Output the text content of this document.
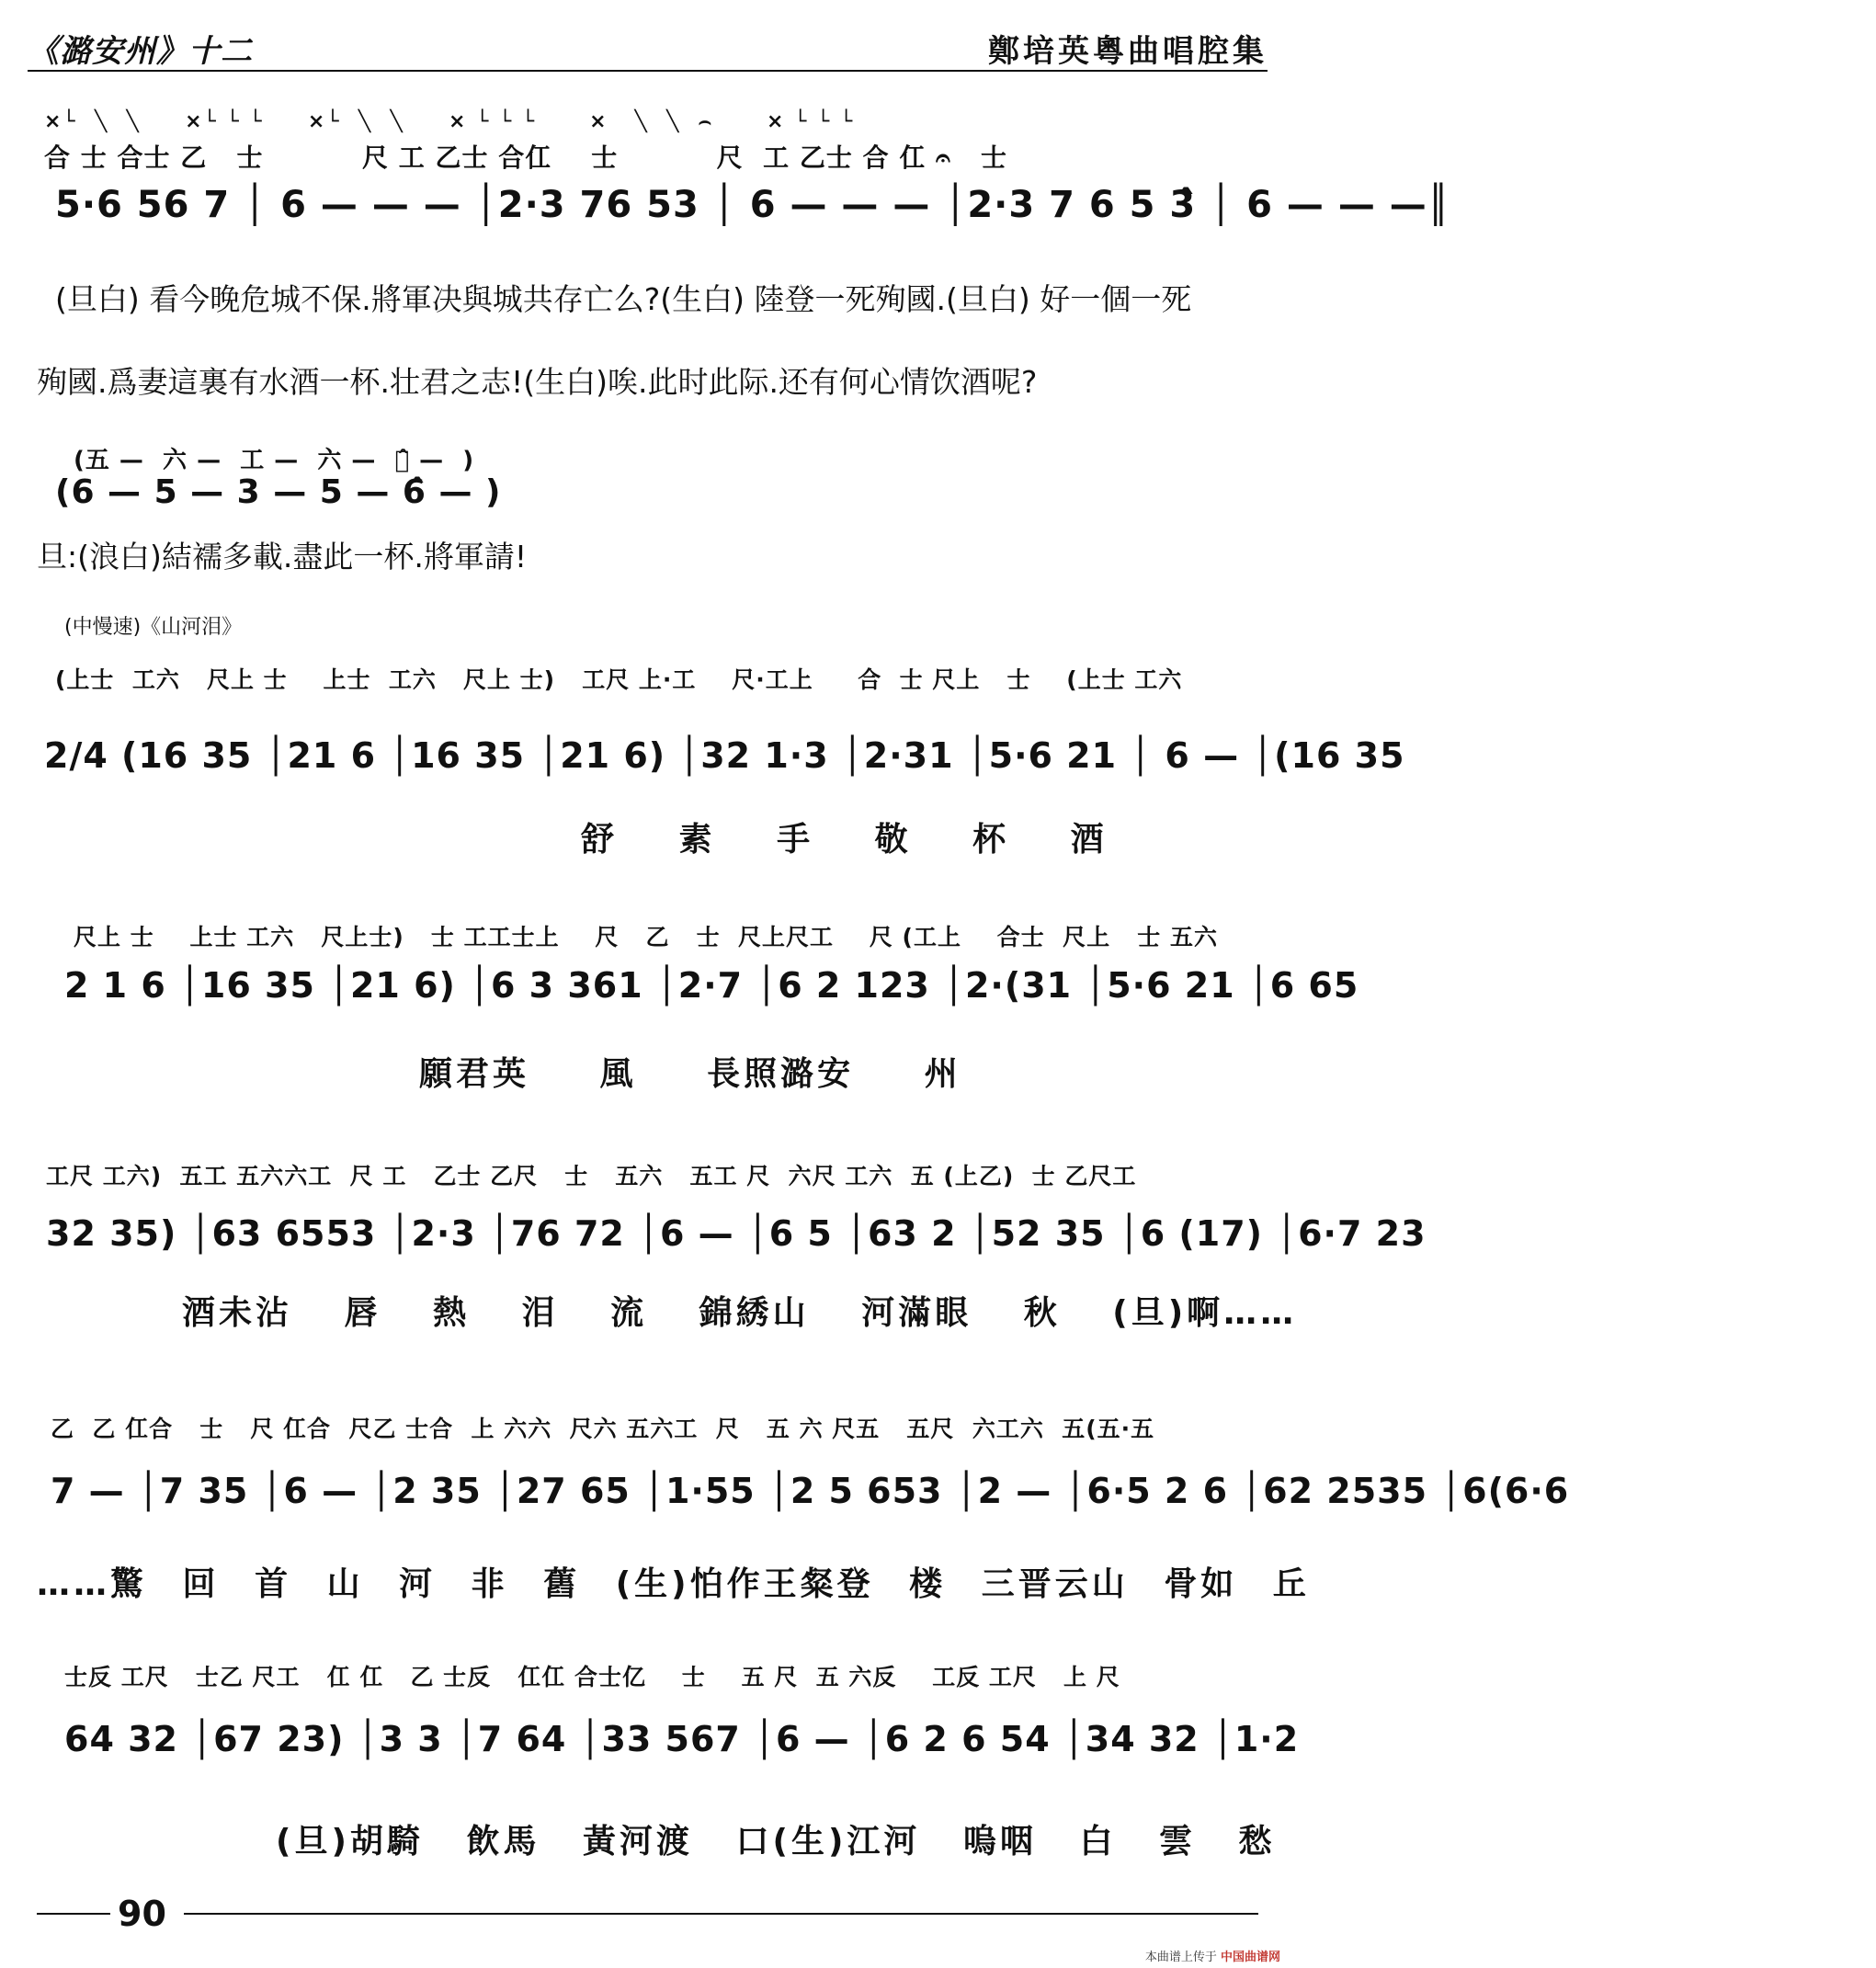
《潞安州》十二	鄭培英粵曲唱腔集
×└  ╲  ╲     ×└ └ └     ×└  ╲  ╲     × └ └ └      ×   ╲  ╲  ⌢      × └ └ └
合 士 合士 乙   士          尺 工 乙士 合仜    士          尺  工 乙士 合 仜 𝄐   士
5·6 56 7 │ 6 — — — │2·3 76 53 │ 6 — — — │2·3 7 6 5 3̂ │ 6 — — —║
(旦白) 看今晚危城不保.將軍决與城共存亡么?(生白) 陸登一死殉國.(旦白) 好一個一死
殉國.爲妻這裏有水酒一杯.壮君之志!(生白)唉.此时此际.还有何心情饮酒呢?
(五 —  六 —  工 —  六 —  五̂ —  )
(6 — 5 — 3 — 5 — 6̂ — )
旦:(浪白)結襦多載.盡此一杯.將軍請!
(中慢速)《山河泪》
(上士  工六   尺上 士    上士  工六   尺上 士)   工尺 上·工    尺·工上     合  士 尺上   士    (上士 工六
2/4 (16 35 │21 6 │16 35 │21 6) │32 1·3 │2·31 │5·6 21 │ 6 — │(16 35
舒 素 手 敬 杯 酒
尺上 士    上士 工六   尺上士)   士 工工士上    尺   乙   士  尺上尺工    尺 (工上    合士  尺上   士 五六
2 1 6 │16 35 │21 6) │6 3 361 │2·7 │6 2 123 │2·(31 │5·6 21 │6 65
願君英 風 長照潞安 州
工尺 工六)  五工 五六六工  尺 工   乙士 乙尺   士   五六   五工 尺  六尺 工六  五 (上乙)  士 乙尺工
32 35) │63 6553 │2·3 │76 72 │6 — │6 5 │63 2 │52 35 │6 (17) │6·7 23
酒未沾 唇 熱 泪 流 錦綉山 河滿眼 秋 (旦)啊……
乙  乙 仜合   士   尺 仜合  尺乙 士合  上 六六  尺六 五六工  尺   五 六 尺五   五尺  六工六  五(五·五
7 — │7 35 │6 — │2 35 │27 65 │1·55 │2 5 653 │2 — │6·5 2 6 │62 2535 │6(6·6
……驚 回 首 山 河 非 舊 (生)怕作王粲登 楼 三晋云山 骨如 丘
士反 工尺   士乙 尺工   仜 仜   乙 士反   仜仜 合士亿    士    五 尺  五 六反    工反 工尺   上 尺
64 32 │67 23) │3 3 │7 64 │33 567 │6 — │6 2 6 54 │34 32 │1·2
(旦)胡騎 飲馬 黃河渡 口(生)江河 嗚咽 白 雲 愁
90
本曲谱上传于 中国曲谱网
